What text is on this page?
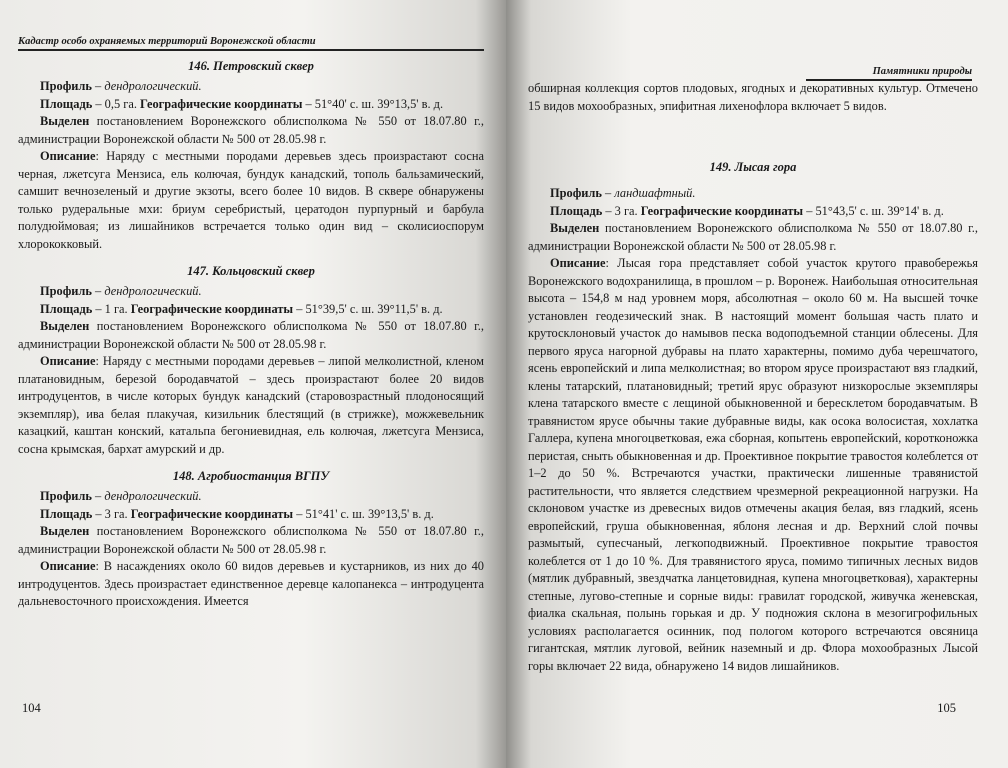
Кадастр особо охраняемых территорий Воронежской области
146. Петровский сквер

Профиль – дендрологический.

Площадь – 0,5 га. Географические координаты – 51°40' с. ш. 39°13,5' в. д.

Выделен постановлением Воронежского облисполкома № 550 от 18.07.80 г., администрации Воронежской области № 500 от 28.05.98 г.

Описание: Наряду с местными породами деревьев здесь произрастают сосна черная, лжетсуга Мензиса, ель колючая, бундук канадский, тополь бальзамический, самшит вечнозеленый и другие экзоты, всего более 10 видов. В сквере обнаружены только рудеральные мхи: бриум серебристый, цератодон пурпурный и барбула полудюймовая; из лишайников встречается только один вид – сколисиоспорум хлорококковый.

147. Кольцовский сквер

Профиль – дендрологический.

Площадь – 1 га. Географические координаты – 51°39,5' с. ш. 39°11,5' в. д.

Выделен постановлением Воронежского облисполкома № 550 от 18.07.80 г., администрации Воронежской области № 500 от 28.05.98 г.

Описание: Наряду с местными породами деревьев – липой мелколистной, кленом платановидным, березой бородавчатой – здесь произрастают более 20 видов интродуцентов, в числе которых бундук канадский (старовозрастный плодоносящий экземпляр), ива белая плакучая, кизильник блестящий (в стрижке), можжевельник казацкий, каштан конский, катальпа бегониевидная, ель колючая, лжетсуга Мензиса, сосна крымская, бархат амурский и др.

148. Агробиостанция ВГПУ

Профиль – дендрологический.

Площадь – 3 га. Географические координаты – 51°41' с. ш. 39°13,5' в. д.

Выделен постановлением Воронежского облисполкома № 550 от 18.07.80 г., администрации Воронежской области № 500 от 28.05.98 г.

Описание: В насаждениях около 60 видов деревьев и кустарников, из них до 40 интродуцентов. Здесь произрастает единственное деревце калопанекса – интродуцента дальневосточного происхождения. Имеется

104
Памятники природы

обширная коллекция сортов плодовых, ягодных и декоративных культур. Отмечено 15 видов мохообразных, эпифитная лихенофлора включает 5 видов.

149. Лысая гора

Профиль – ландшафтный.

Площадь – 3 га. Географические координаты – 51°43,5' с. ш. 39°14' в. д.

Выделен постановлением Воронежского облисполкома № 550 от 18.07.80 г., администрации Воронежской области № 500 от 28.05.98 г.

Описание: Лысая гора представляет собой участок крутого правобережья Воронежского водохранилища, в прошлом – р. Воронеж. Наибольшая относительная высота – 154,8 м над уровнем моря, абсолютная – около 60 м. На высшей точке установлен геодезический знак. В настоящий момент большая часть плато и крутосклоновый участок до намывов песка водоподъемной станции облесены. Для первого яруса нагорной дубравы на плато характерны, помимо дуба черешчатого, ясень европейский и липа мелколистная; во втором ярусе произрастают вяз гладкий, клены татарский, платановидный; третий ярус образуют низкорослые экземпляры клена татарского вместе с лещиной обыкновенной и бересклетом бородавчатым. В травянистом ярусе обычны такие дубравные виды, как осока волосистая, хохлатка Галлера, купена многоцветковая, ежа сборная, копытень европейский, коротконожка перистая, сныть обыкновенная и др. Проективное покрытие травостоя колеблется от 1–2 до 50 %. Встречаются участки, практически лишенные травянистой растительности, что является следствием чрезмерной рекреационной нагрузки. На склоновом участке из древесных видов отмечены акация белая, вяз гладкий, ясень европейский, груша обыкновенная, яблоня лесная и др. Верхний слой почвы размытый, супесчаный, легкоподвижный. Проективное покрытие травостоя колеблется от 1 до 10 %. Для травянистого яруса, помимо типичных лесных видов (мятлик дубравный, звездчатка ланцетовидная, купена многоцветковая), характерны степные, лугово-степные и сорные виды: гравилат городской, живучка женевская, фиалка скальная, полынь горькая и др. У подножия склона в мезогигрофильных условиях располагается осинник, под пологом которого встречаются овсяница гигантская, мятлик луговой, вейник наземный и др. Флора мохообразных Лысой горы включает 22 вида, обнаружено 14 видов лишайников.

105
